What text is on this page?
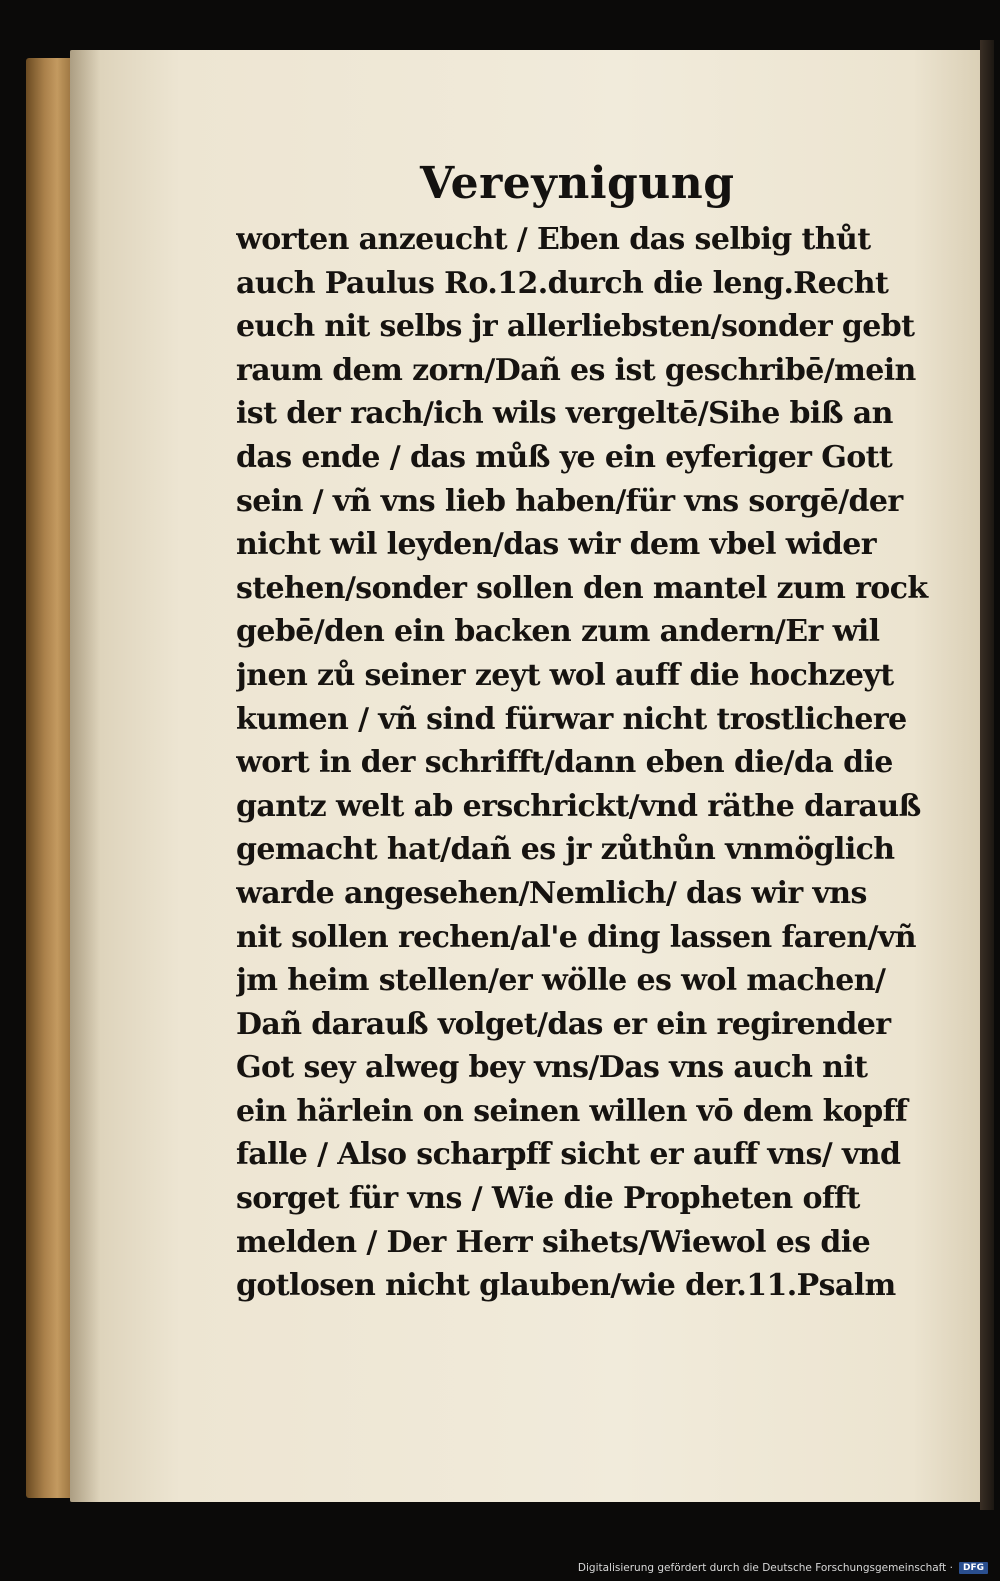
Vereynigung
worten anzeucht / Eben das selbig thůt
auch Paulus Ro.12.durch die leng.Recht
euch nit selbs jr allerliebsten/sonder gebt
raum dem zorn/Dañ es ist geschribē/mein
ist der rach/ich wils vergeltē/Sihe biß an
das ende / das můß ye ein eyferiger Gott
sein / vñ vns lieb haben/für vns sorgē/der
nicht wil leyden/das wir dem vbel wider
stehen/sonder sollen den mantel zum rock
gebē/den ein backen zum andern/Er wil
jnen zů seiner zeyt wol auff die hochzeyt
kumen / vñ sind fürwar nicht trostlichere
wort in der schrifft/dann eben die/da die
gantz welt ab erschrickt/vnd räthe darauß
gemacht hat/dañ es jr zůthůn vnmöglich
warde angesehen/Nemlich/ das wir vns
nit sollen rechen/al'e ding lassen faren/vñ
jm heim stellen/er wölle es wol machen/
Dañ darauß volget/das er ein regirender
Got sey alweg bey vns/Das vns auch nit
ein härlein on seinen willen vō dem kopff
falle / Also scharpff sicht er auff vns/ vnd
sorget für vns / Wie die Propheten offt
melden / Der Herr sihets/Wiewol es die
gotlosen nicht glauben/wie der.11.Psalm
Digitalisierung gefördert durch die Deutsche Forschungsgemeinschaft ·	DFG
